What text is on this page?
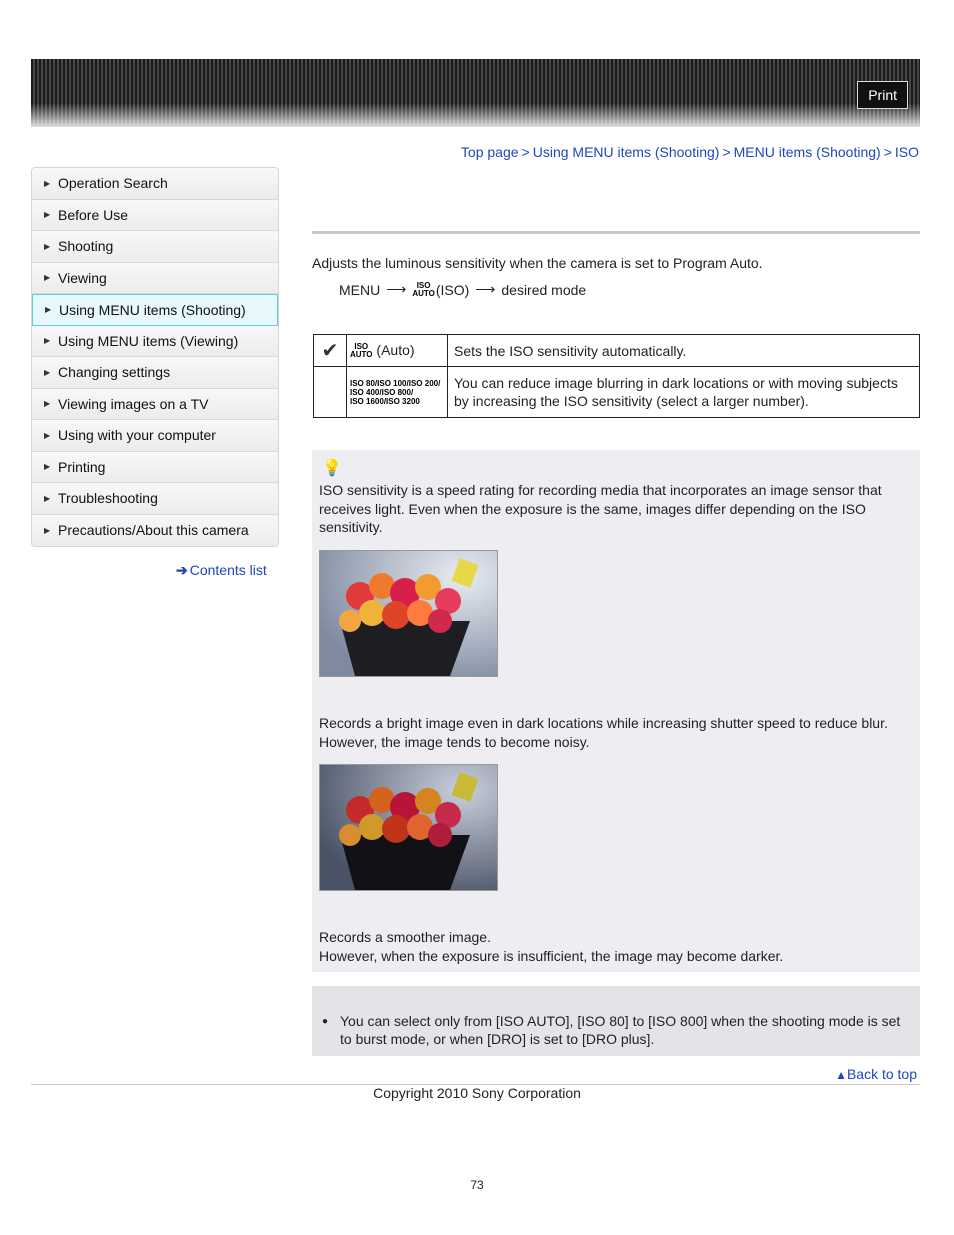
Print
Top page > Using MENU items (Shooting) > MENU items (Shooting) > ISO
▶ Operation Search
▶ Before Use
▶ Shooting
▶ Viewing
▶ Using MENU items (Shooting)
▶ Using MENU items (Viewing)
▶ Changing settings
▶ Viewing images on a TV
▶ Using with your computer
▶ Printing
▶ Troubleshooting
▶ Precautions/About this camera
➔ Contents list
Adjusts the luminous sensitivity when the camera is set to Program Auto.
MENU ⟶	ISO
AUTO (ISO) ⟶ desired mode
✔	ISO
AUTO (Auto)	Sets the ISO sensitivity automatically.

	ISO 80/ISO 100/ISO 200/
ISO 400/ISO 800/
ISO 1600/ISO 3200	You can reduce image blurring in dark locations or with moving subjects by increasing the ISO sensitivity (select a larger number).
💡
ISO sensitivity is a speed rating for recording media that incorporates an image sensor that receives light. Even when the exposure is the same, images differ depending on the ISO sensitivity.
Records a bright image even in dark locations while increasing shutter speed to reduce blur. However, the image tends to become noisy.
Records a smoother image.
However, when the exposure is insufficient, the image may become darker.
● You can select only from [ISO AUTO], [ISO 80] to [ISO 800] when the shooting mode is set to burst mode, or when [DRO] is set to [DRO plus].
▲Back to top
Copyright 2010 Sony Corporation
73
